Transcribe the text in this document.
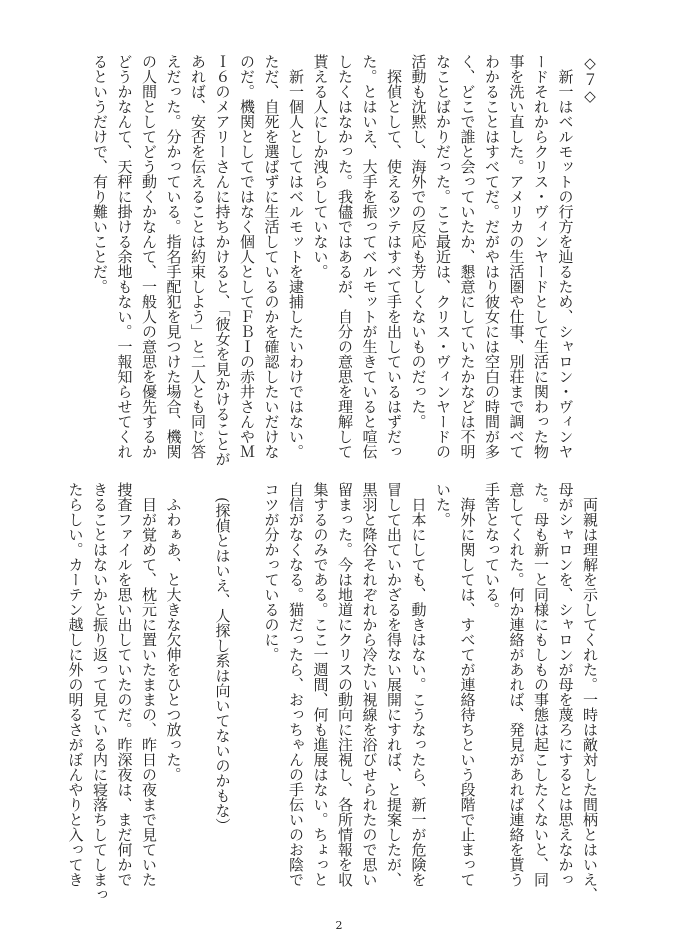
◇７◇
　新一はベルモットの行方を辿るため、シャロン・ヴィンヤ
ードそれからクリス・ヴィンヤードとして生活に関わった物
事を洗い直した。アメリカの生活圏や仕事、別荘まで調べて
わかることはすべてだ。だがやはり彼女には空白の時間が多
く、どこで誰と会っていたか、懇意にしていたかなどは不明
なことばかりだった。ここ最近は、クリス・ヴィンヤードの
活動も沈黙し、海外での反応も芳しくないものだった。
　探偵として、使えるツテはすべて手を出しているはずだっ
た。とはいえ、大手を振ってベルモットが生きていると喧伝
したくはなかった。我儘ではあるが、自分の意思を理解して
貰える人にしか洩らしていない。
　新一個人としてはベルモットを逮捕したいわけではない。
ただ、自死を選ばずに生活しているのかを確認したいだけな
のだ。機関としてではなく個人としてＦＢＩの赤井さんやＭ
Ｉ６のメアリーさんに持ちかけると、「彼女を見かけることが
あれば、安否を伝えることは約束しよう」と二人とも同じ答
えだった。分かっている。指名手配犯を見つけた場合、機関
の人間としてどう動くかなんて、一般人の意思を優先するか
どうかなんて、天秤に掛ける余地もない。一報知らせてくれ
るというだけで、有り難いことだ。
　両親は理解を示してくれた。一時は敵対した間柄とはいえ、
母がシャロンを、シャロンが母を蔑ろにするとは思えなかっ
た。母も新一と同様にもしもの事態は起こしたくないと、同
意してくれた。何か連絡があれば、発見があれば連絡を貰う
手筈となっている。
　海外に関しては、すべてが連絡待ちという段階で止まって
いた。
　日本にしても、動きはない。こうなったら、新一が危険を
冒して出ていかざるを得ない展開にすれば、と提案したが、
黒羽と降谷それぞれから冷たい視線を浴びせられたので思い
留まった。今は地道にクリスの動向に注視し、各所情報を収
集するのみである。ここ一週間、何も進展はない。ちょっと
自信がなくなる。猫だったら、おっちゃんの手伝いのお陰で
コツが分かっているのに。
　(探偵とはいえ、人探し系は向いてないのかもな）
　ふわぁあ、と大きな欠伸をひとつ放った。
　目が覚めて、枕元に置いたままの、昨日の夜まで見ていた
捜査ファイルを思い出していたのだ。昨深夜は、まだ何かで
きることはないかと振り返って見ている内に寝落ちしてしまっ
たらしい。カーテン越しに外の明るさがぼんやりと入ってき
2
